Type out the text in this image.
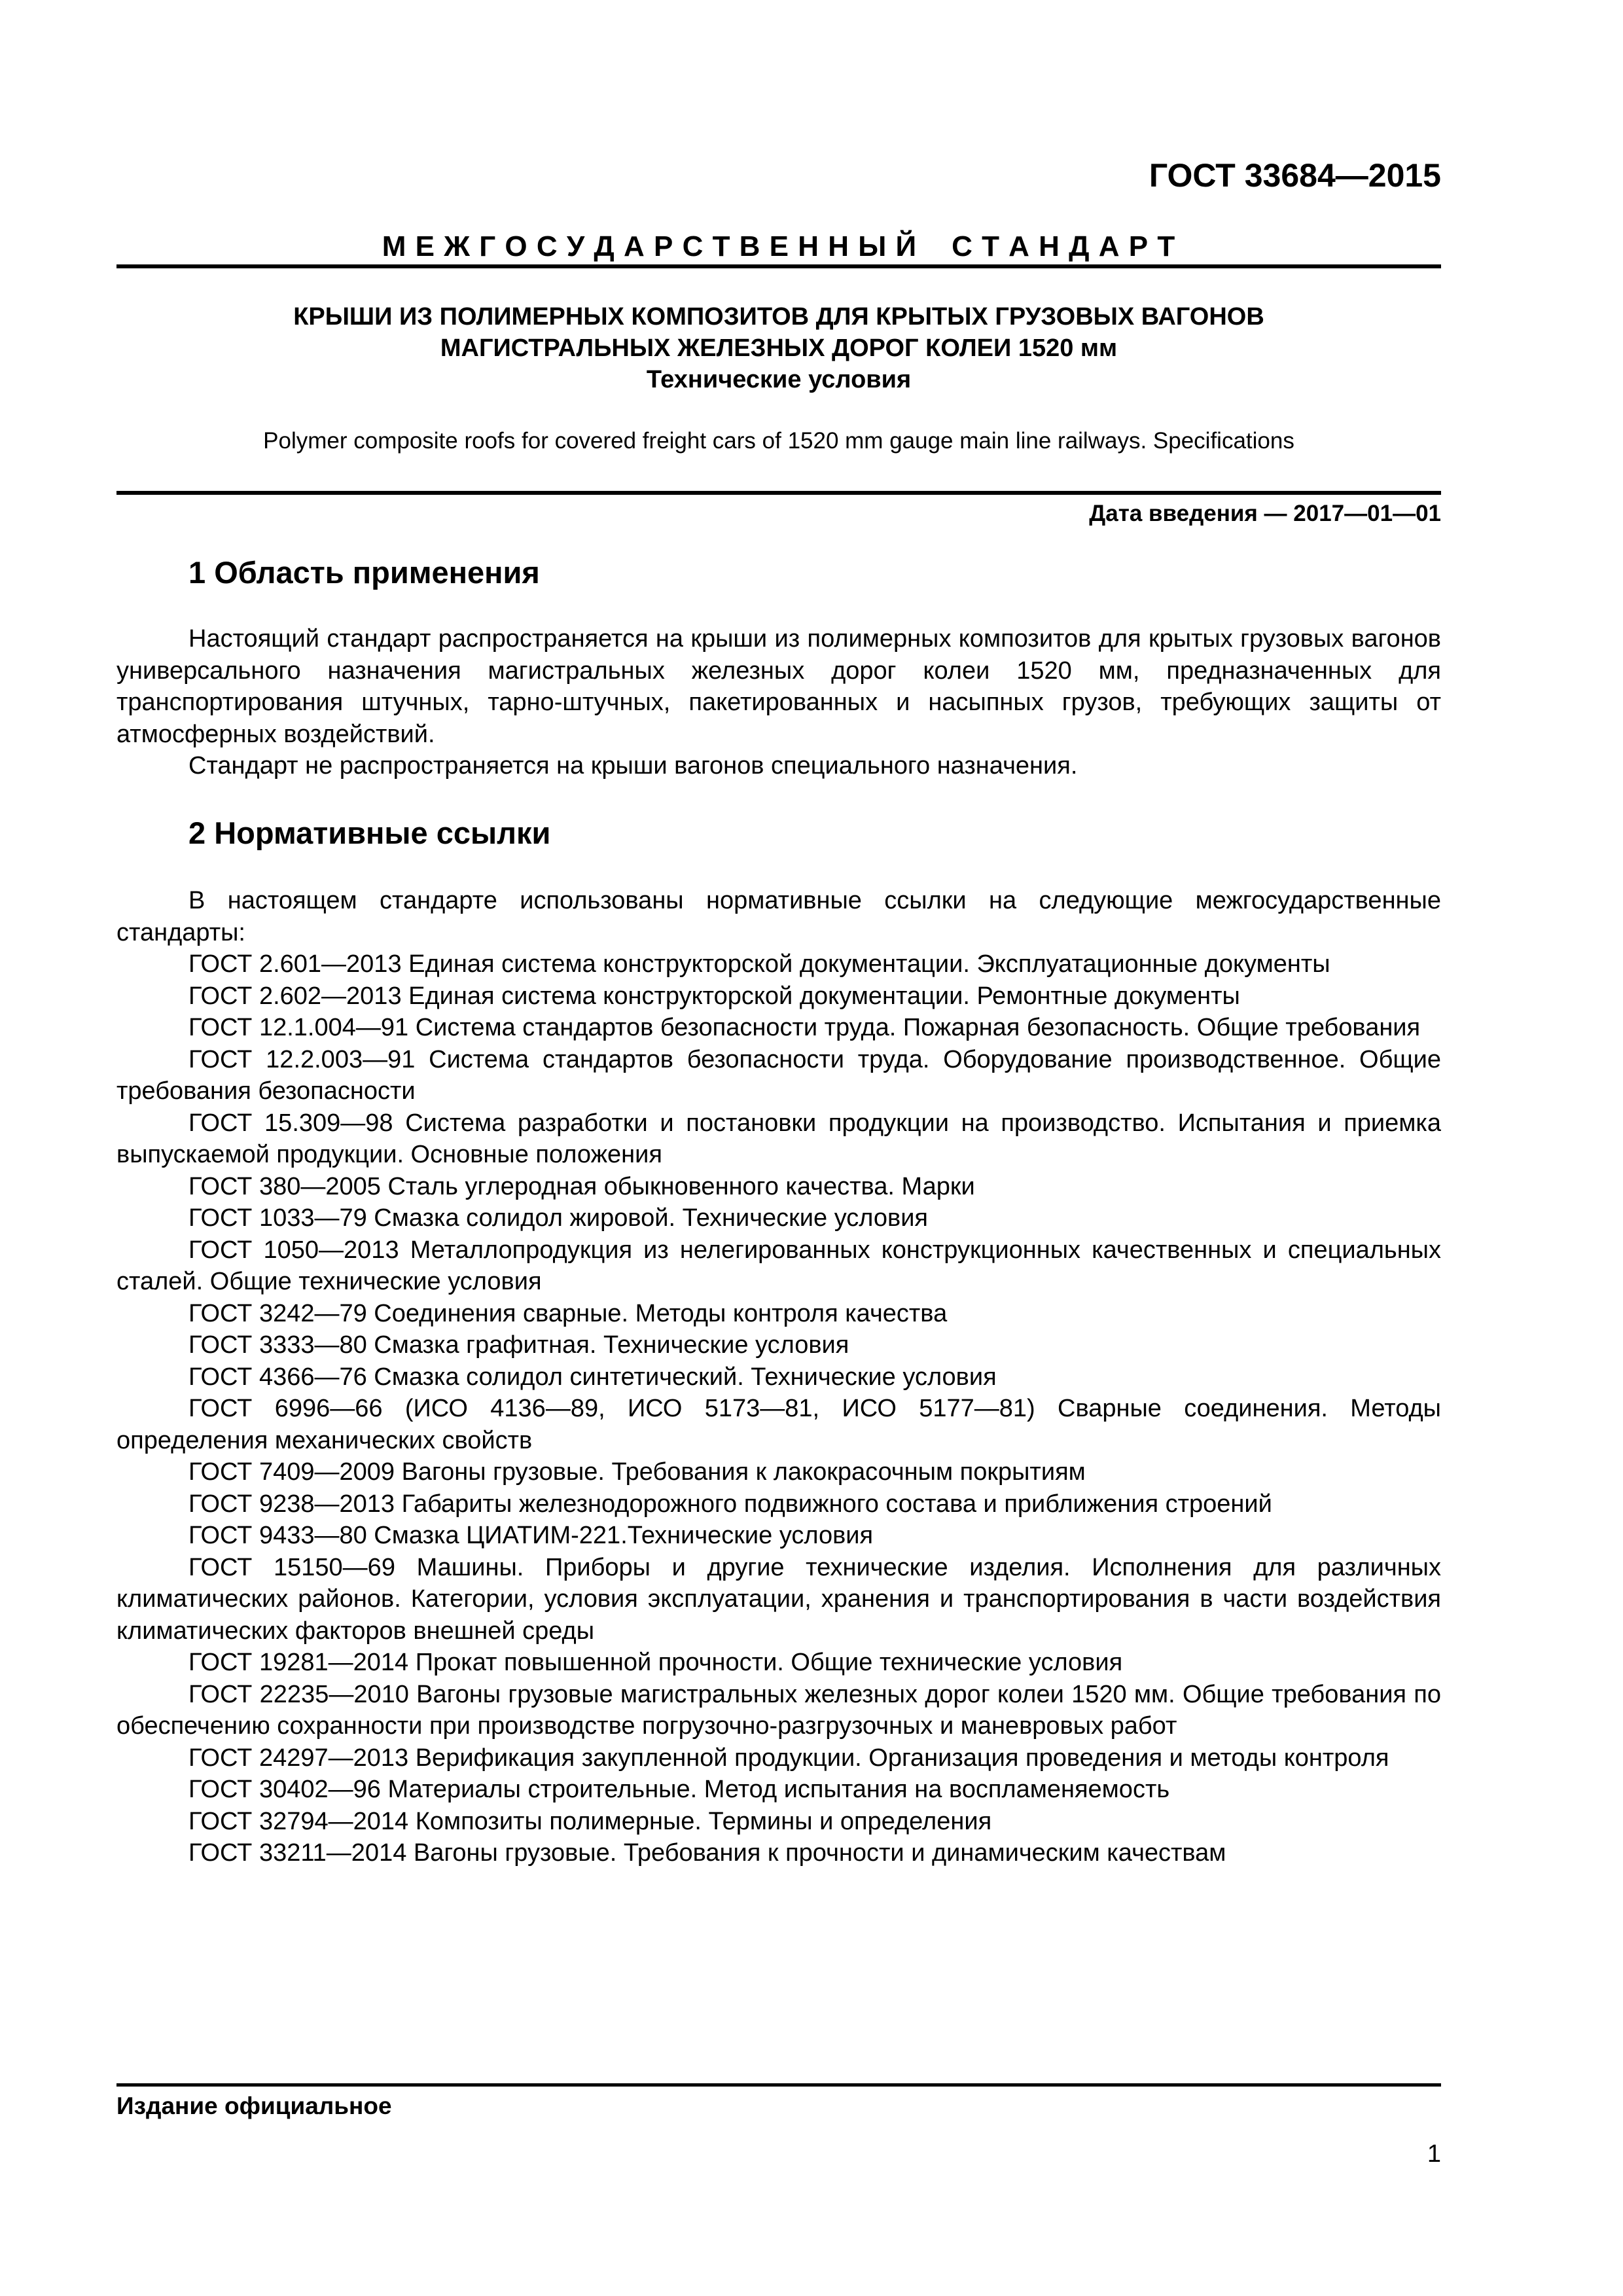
ГОСТ 33684—2015
М Е Ж Г О С У Д А Р С Т В Е Н Н Ы Й    С Т А Н Д А Р Т
КРЫШИ ИЗ ПОЛИМЕРНЫХ КОМПОЗИТОВ ДЛЯ КРЫТЫХ ГРУЗОВЫХ ВАГОНОВ
МАГИСТРАЛЬНЫХ ЖЕЛЕЗНЫХ ДОРОГ КОЛЕИ 1520 мм
Технические условия
Polymer composite roofs for covered freight cars of 1520 mm gauge main line railways. Specifications
Дата введения — 2017—01—01
1 Область применения

Настоящий стандарт распространяется на крыши из полимерных композитов для крытых грузовых вагонов универсального назначения магистральных железных дорог колеи 1520 мм, предназначенных для транспортирования штучных, тарно-штучных, пакетированных и насыпных грузов, требующих защиты от атмосферных воздействий.

Стандарт не распространяется на крыши вагонов специального назначения.

2 Нормативные ссылки

В настоящем стандарте использованы нормативные ссылки на следующие межгосударственные стандарты:

ГОСТ 2.601—2013 Единая система конструкторской документации. Эксплуатационные документы

ГОСТ 2.602—2013 Единая система конструкторской документации. Ремонтные документы

ГОСТ 12.1.004—91 Система стандартов безопасности труда. Пожарная безопасность. Общие требования

ГОСТ 12.2.003—91 Система стандартов безопасности труда. Оборудование производственное. Общие требования безопасности

ГОСТ 15.309—98 Система разработки и постановки продукции на производство. Испытания и приемка выпускаемой продукции. Основные положения

ГОСТ 380—2005 Сталь углеродная обыкновенного качества. Марки

ГОСТ 1033—79 Смазка солидол жировой. Технические условия

ГОСТ 1050—2013 Металлопродукция из нелегированных конструкционных качественных и специальных сталей. Общие технические условия

ГОСТ 3242—79 Соединения сварные. Методы контроля качества

ГОСТ 3333—80 Смазка графитная. Технические условия

ГОСТ 4366—76 Смазка солидол синтетический. Технические условия

ГОСТ 6996—66 (ИСО 4136—89, ИСО 5173—81, ИСО 5177—81) Сварные соединения. Методы определения механических свойств

ГОСТ 7409—2009 Вагоны грузовые. Требования к лакокрасочным покрытиям

ГОСТ 9238—2013 Габариты железнодорожного подвижного состава и приближения строений

ГОСТ 9433—80 Смазка ЦИАТИМ-221.Технические условия

ГОСТ 15150—69 Машины. Приборы и другие технические изделия. Исполнения для различных климатических районов. Категории, условия эксплуатации, хранения и транспортирования в части воздействия климатических факторов внешней среды

ГОСТ 19281—2014 Прокат повышенной прочности. Общие технические условия

ГОСТ 22235—2010 Вагоны грузовые магистральных железных дорог колеи 1520 мм. Общие требования по обеспечению сохранности при производстве погрузочно-разгрузочных и маневровых работ

ГОСТ 24297—2013 Верификация закупленной продукции. Организация проведения и методы контроля

ГОСТ 30402—96 Материалы строительные. Метод испытания на воспламеняемость

ГОСТ 32794—2014 Композиты полимерные. Термины и определения

ГОСТ 33211—2014 Вагоны грузовые. Требования к прочности и динамическим качествам

Издание официальное
1
